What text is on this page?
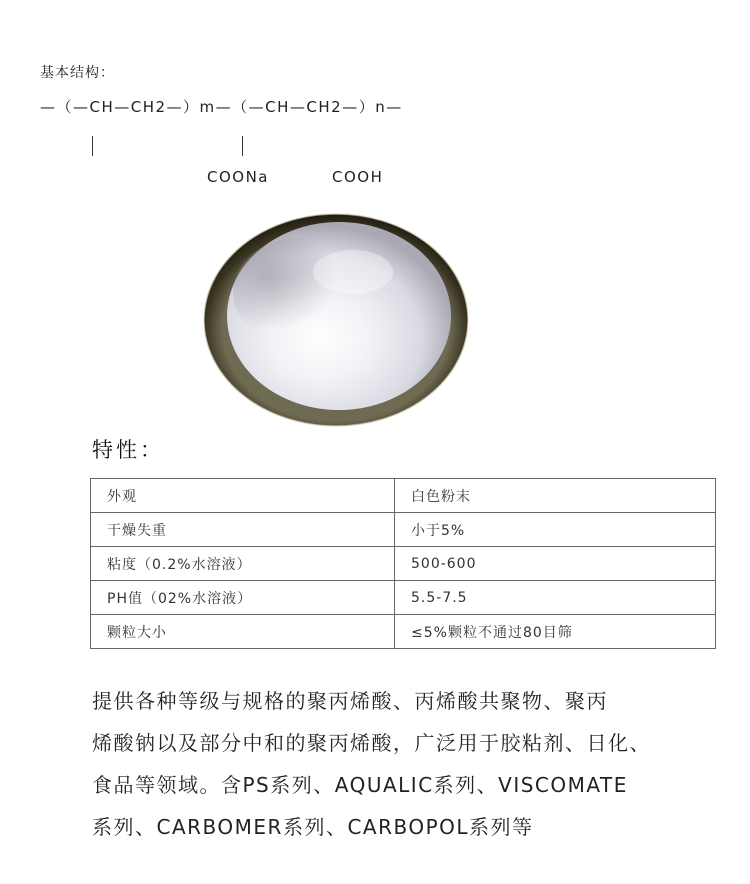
基本结构：
—（—CH—CH2—）m—（—CH—CH2—）n—
COONa	COOH
特性：
外观	白色粉末
干燥失重	小于5%
粘度（0.2%水溶液）	500-600
PH值（02%水溶液）	5.5-7.5
颗粒大小	≤5%颗粒不通过80目筛

提供各种等级与规格的聚丙烯酸、丙烯酸共聚物、聚丙

烯酸钠以及部分中和的聚丙烯酸，广泛用于胶粘剂、日化、

食品等领域。含PS系列、AQUALIC系列、VISCOMATE

系列、CARBOMER系列、CARBOPOL系列等
